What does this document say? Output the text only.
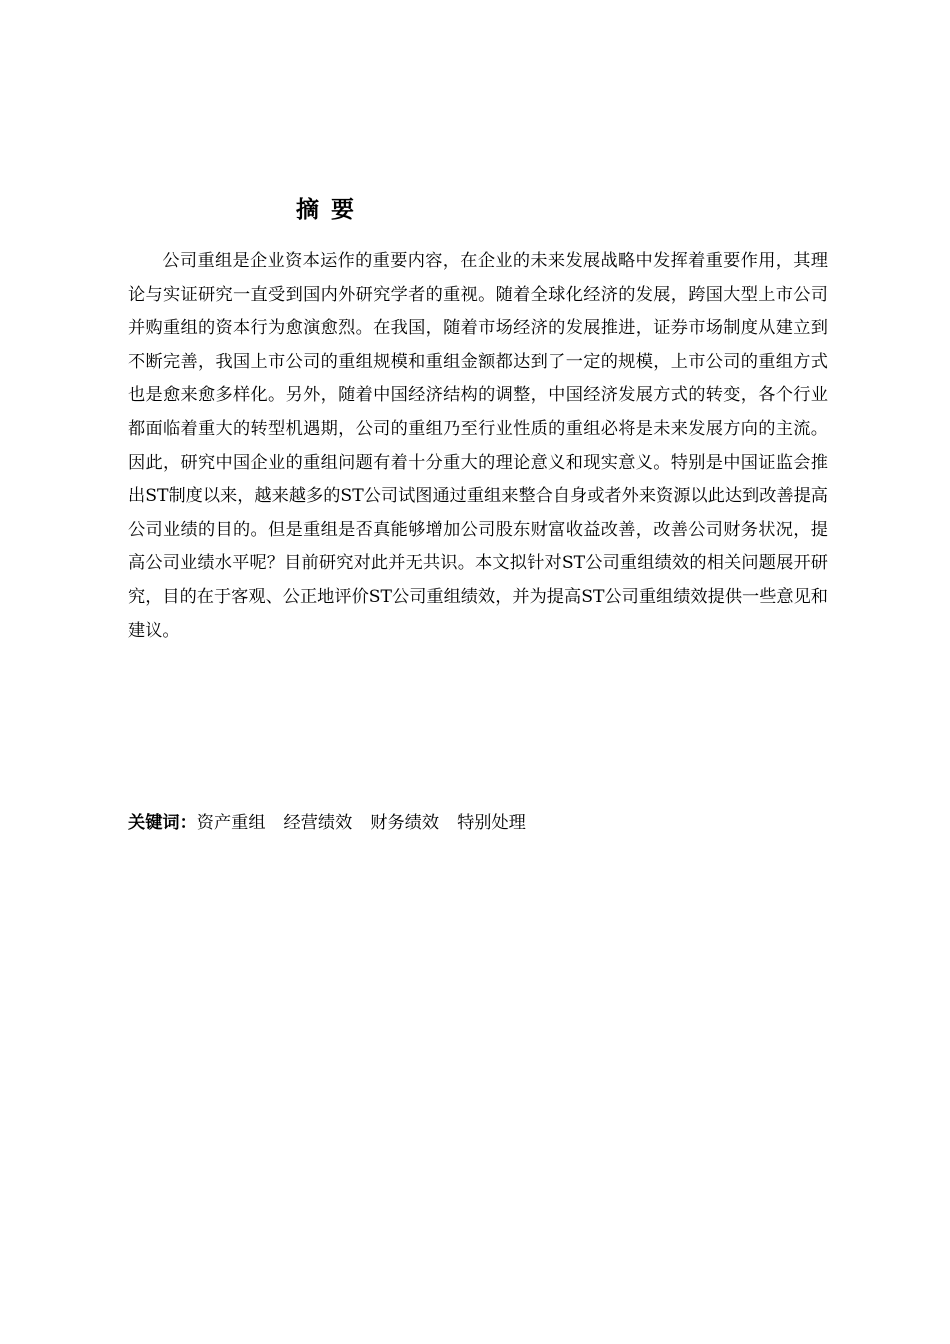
摘 要

公司重组是企业资本运作的重要内容，在企业的未来发展战略中发挥着重要作用，其理论与实证研究一直受到国内外研究学者的重视。随着全球化经济的发展，跨国大型上市公司并购重组的资本行为愈演愈烈。在我国，随着市场经济的发展推进，证券市场制度从建立到不断完善，我国上市公司的重组规模和重组金额都达到了一定的规模，上市公司的重组方式也是愈来愈多样化。另外，随着中国经济结构的调整，中国经济发展方式的转变，各个行业都面临着重大的转型机遇期，公司的重组乃至行业性质的重组必将是未来发展方向的主流。因此，研究中国企业的重组问题有着十分重大的理论意义和现实意义。特别是中国证监会推出ST制度以来，越来越多的ST公司试图通过重组来整合自身或者外来资源以此达到改善提高公司业绩的目的。但是重组是否真能够增加公司股东财富收益改善，改善公司财务状况，提高公司业绩水平呢？目前研究对此并无共识。本文拟针对ST公司重组绩效的相关问题展开研究，目的在于客观、公正地评价ST公司重组绩效，并为提高ST公司重组绩效提供一些意见和建议。

关键词：资产重组 经营绩效 财务绩效 特别处理
